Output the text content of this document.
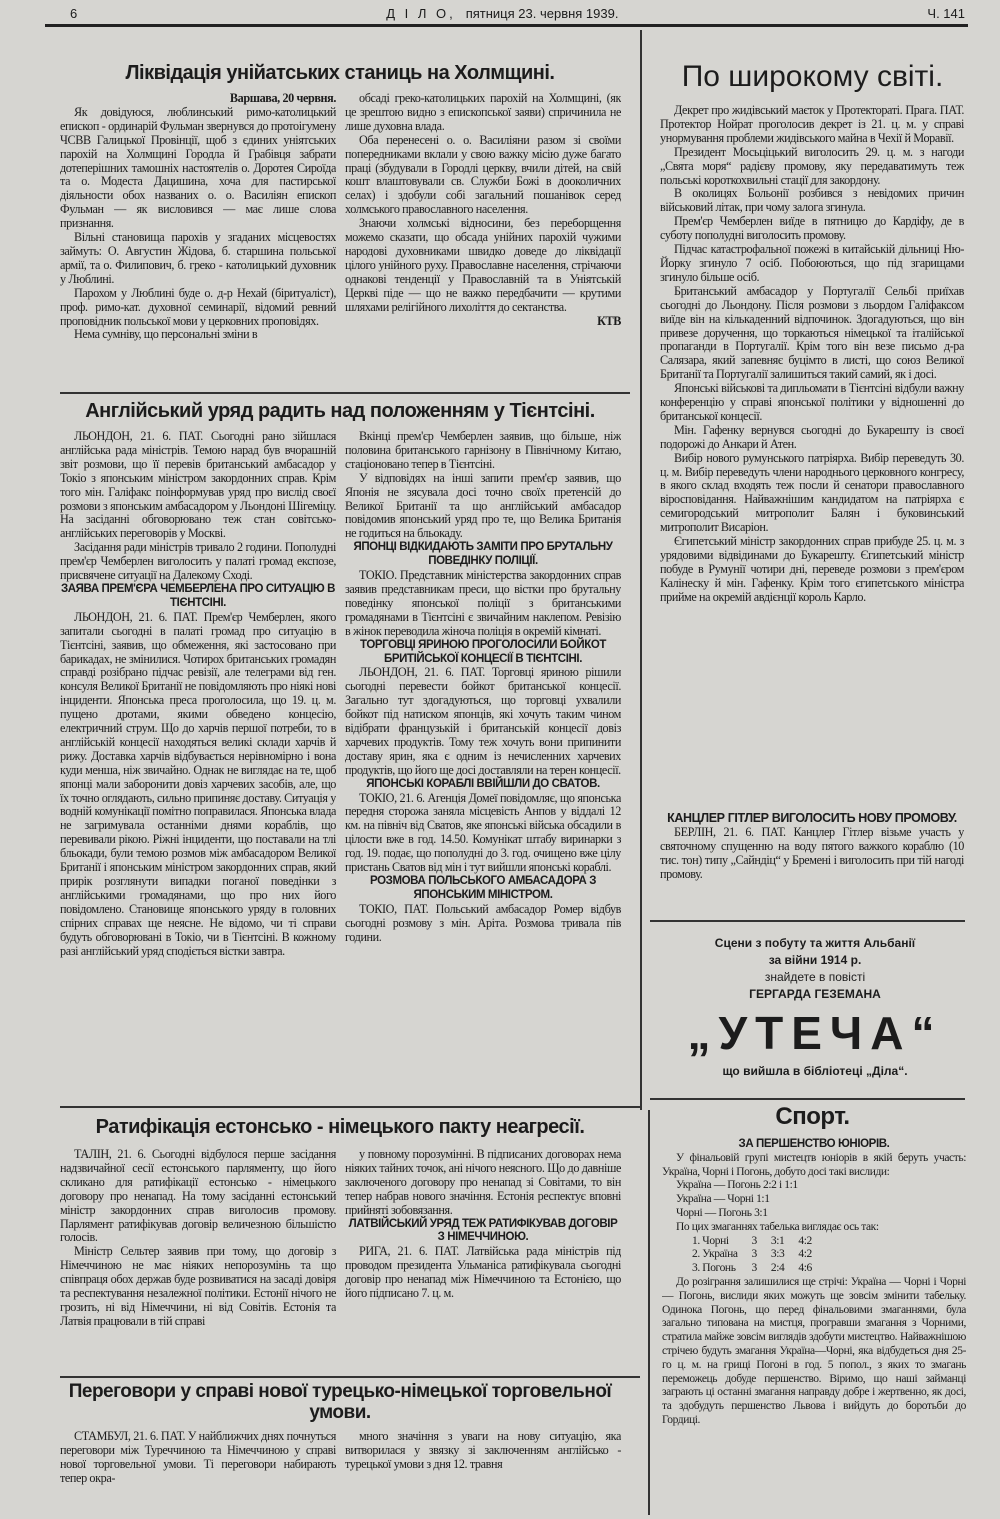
6	Д І Л О, пятниця 23. червня 1939.	Ч. 141
Ліквідація унійатських станиць на Холмщині.

Варшава, 20 червня.

Як довідуюся, люблинський римо-католицький епископ - ординарій Фульман звернувся до протоігумену ЧСВВ Галицької Провінції, щоб з єдиних уніятських парохій на Холмщині Городла й Грабівця забрати дотеперішних тамошніх настоятелів о. Доротея Сироїда та о. Модеста Дацишина, хоча для пастирської діяльности обох названих о. о. Василіян епископ Фульман — як висловився — має лише слова признання.

Вільні становища парохів у згаданих місцевостях займуть: О. Августин Жідова, б. старшина польської армії, та о. Филипович, б. греко - католицький духовник у Люблині.

Парохом у Люблині буде о. д-р Нехай (біритуаліст), проф. римо-кат. духовної семинарії, відомий ревний проповідник польської мови у церковних проповідях.

Нема сумніву, що персональні зміни в

обсаді греко-католицьких парохій на Холмщині, (як це зрештою видно з епископської заяви) спричинила не лише духовна влада.

Оба перенесені о. о. Василіяни разом зі своїми попередниками вклали у свою важку місію дуже багато праці (збудували в Городлі церкву, вчили дітей, на свій кошт влаштовували св. Служби Божі в дооколичних селах) і здобули собі загальний пошанівок серед холмського православного населення.

Знаючи холмські відносини, без переборщення можемо сказати, що обсада унійних парохій чужими народові духовниками швидко доведе до ліквідації цілого унійного руху. Православне населення, стрічаючи однакові тенденції у Православній та в Уніятській Церкві піде — що не важко передбачити — крутими шляхами релігійного лихоліття до сектанства.

КТВ

Англійський уряд радить над положенням у Тієнтсіні.

ЛЬОНДОН, 21. 6. ПАТ. Сьогодні рано зійшлася англійська рада міністрів. Темою нарад був вчорашній звіт розмови, що її перевів британський амбасадор у Токіо з японським міністром закордонних справ. Крім того мін. Галіфакс поінформував уряд про вислід своєї розмови з японським амбасадором у Льондоні Шігеміцу. На засіданні обговорювано теж стан совітсько-англійських переговорів у Москві.

Засідання ради міністрів тривало 2 години. Пополудні прем'єр Чемберлен виголосить у палаті громад експозе, присвячене ситуації на Далекому Сході.

ЗАЯВА ПРЕМ'ЄРА ЧЕМБЕРЛЕНА ПРО СИТУАЦІЮ В ТІЄНТСІНІ.

ЛЬОНДОН, 21. 6. ПАТ. Прем'єр Чемберлен, якого запитали сьогодні в палаті громад про ситуацію в Тієнтсіні, заявив, що обмеження, які застосовано при барикадах, не змінилися. Чотирох британських громадян справді розібрано підчас ревізії, але телеграми від ген. консуля Великої Британії не повідомляють про ніякі нові інциденти. Японська преса проголосила, що 19. ц. м. пущено дротами, якими обведено концесію, електричний струм. Що до харчів першої потреби, то в англійській концесії находяться великі склади харчів й рижу. Доставка харчів відбувається нерівномірно і вона куди менша, ніж звичайно. Однак не виглядає на те, щоб японці мали заборонити довіз харчевих засобів, але, що їх точно оглядають, сильно припиняє доставу. Ситуація у водній комунікації помітно поправилася. Японська влада не загримувала останніми днями кораблів, що перевивали рікою. Ріжні інциденти, що поставали на тлі бльокади, були темою розмов між амбасадором Великої Британії і японським міністром закордонних справ, який прирік розглянути випадки поганої поведінки з англійськими громадянами, що про них його повідомлено. Становище японського уряду в головних спірних справах ще неясне. Не відомо, чи ті справи будуть обговорювані в Токіо, чи в Тієнтсіні. В кожному разі англійський уряд сподіється вістки завтра.

Вкінці прем'єр Чемберлен заявив, що більше, ніж половина британського гарнізону в Північному Китаю, стаціоновано тепер в Тієнтсіні.

У відповідях на інші запити прем'єр заявив, що Японія не зясувала досі точно своїх претенсій до Великої Британії та що англійський амбасадор повідомив японський уряд про те, що Велика Британія не годиться на бльокаду.

ЯПОНЦІ ВІДКИДАЮТЬ ЗАМІТИ ПРО БРУТАЛЬНУ ПОВЕДІНКУ ПОЛІЦІЇ.

ТОКІО. Представник міністерства закордонних справ заявив представникам преси, що вістки про брутальну поведінку японської поліції з британськими громадянами в Тієнтсіні є звичайним наклепом. Ревізію в жінок переводила жіноча поліція в окремій кімнаті.

ТОРГОВЦІ ЯРИНОЮ ПРОГОЛОСИЛИ БОЙКОТ БРИТІЙСЬКОЇ КОНЦЕСІЇ В ТІЄНТСІНІ.

ЛЬОНДОН, 21. 6. ПАТ. Торговці яриною рішили сьогодні перевести бойкот британської концесії. Загально тут здогадуються, що торговці ухвалили бойкот під натиском японців, які хочуть таким чином відібрати французькій і британській концесії довіз харчевих продуктів. Тому теж хочуть вони припинити доставу ярин, яка є одним із нечисленних харчевих продуктів, що його ще досі доставляли на терен концесії.

ЯПОНСЬКІ КОРАБЛІ ВВІЙШЛИ ДО СВАТОВ.

ТОКІО, 21. 6. Агенція Домеї повідомляє, що японська передня сторожа заняла місцевість Анпов у віддалі 12 км. на північ від Сватов, яке японські війська обсадили в цілости вже в год. 14.50. Комунікат штабу виринарки з год. 19. подає, що пополудні до 3. год. очищено вже цілу пристань Сватов від мін і тут вийшли японські кораблі.

РОЗМОВА ПОЛЬСЬКОГО АМБАСАДОРА З ЯПОНСЬКИМ МІНІСТРОМ.

ТОКІО, ПАТ. Польський амбасадор Ромер відбув сьогодні розмову з мін. Аріта. Розмова тривала пів години.

Ратифікація естонсько - німецького пакту неагресії.

ТАЛІН, 21. 6. Сьогодні відбулося перше засідання надзвичайної сесії естонського парляменту, що його скликано для ратифікації естонсько - німецького договору про ненапад. На тому засіданні естонський міністр закордонних справ виголосив промову. Парлямент ратифікував договір величезною більшістю голосів.

Міністр Сельтер заявив при тому, що договір з Німеччиною не має ніяких непорозумінь та що співпраця обох держав буде розвиватися на засаді довіря та респектування незалежної політики. Естонії нічого не грозить, ні від Німеччини, ні від Совітів. Естонія та Латвія працювали в тій справі

у повному порозумінні. В підписаних договорах нема ніяких тайних точок, ані нічого неясного. Що до давніше заключеного договору про ненапад зі Совітами, то він тепер набрав нового значіння. Естонія респектує вповні прийняті зобовязання.

ЛАТВІЙСЬКИЙ УРЯД ТЕЖ РАТИФІКУВАВ ДОГОВІР З НІМЕЧЧИНОЮ.

РИГА, 21. 6. ПАТ. Латвійська рада міністрів під проводом президента Ульманіса ратифікувала сьогодні договір про ненапад між Німеччиною та Естонією, що його підписано 7. ц. м.

Переговори у справі нової турецько-німецької торговельної умови.

СТАМБУЛ, 21. 6. ПАТ. У найближчих днях почнуться переговори між Туреччиною та Німеччиною у справі нової торговельної умови. Ті переговори набирають тепер окра-

много значіння з уваги на нову ситуацію, яка витворилася у звязку зі заключенням англійсько - турецької умови з дня 12. травня

По широкому світі.

Декрет про жидівський маєток у Протектораті. Прага. ПАТ. Протектор Нойрат проголосив декрет із 21. ц. м. у справі унормування проблеми жидівського майна в Чехії й Моравії.

Президент Мосьціцький виголосить 29. ц. м. з нагоди „Свята моря“ радієву промову, яку передаватимуть теж польські короткохвильні стації для закордону.

В околицях Больонії розбився з невідомих причин військовий літак, при чому залога згинула.

Прем'єр Чемберлен виїде в пятницю до Кардіфу, де в суботу пополудні виголосить промову.

Підчас катастрофальної пожежі в китайській дільниці Ню-Йорку згинуло 7 осіб. Побоюються, що під згарищами згинуло більше осіб.

Британський амбасадор у Португалії Сельбі приїхав сьогодні до Льондону. Після розмови з льордом Галіфаксом виїде він на кількаденний відпочинок. Здогадуються, що він привезе доручення, що торкаються німецької та італійської пропаганди в Португалії. Крім того він везе письмо д-ра Салязара, який запевняє буцімто в листі, що союз Великої Британії та Португалії залишиться такий самий, як і досі.

Японські військові та дипльомати в Тієнтсіні відбули важну конференцію у справі японської політики у відношенні до британської концесії.

Мін. Гафенку вернувся сьогодні до Букарешту із своєї подорожі до Анкари й Атен.

Вибір нового румунського патріярха. Вибір переведуть 30. ц. м. Вибір переведуть члени народнього церковного конгресу, в якого склад входять теж посли й сенатори православного віросповідання. Найважнішим кандидатом на патріярха є семигородський митрополит Балян і буковинський митрополит Висаріон.

Єгипетський міністр закордонних справ прибуде 25. ц. м. з урядовими відвідинами до Букарешту. Єгипетський міністр побуде в Румунії чотири дні, переведе розмови з прем'єром Калінеску й мін. Гафенку. Крім того єгипетського міністра прийме на окремій авдієнції король Карло.

КАНЦЛЕР ГІТЛЕР ВИГОЛОСИТЬ НОВУ ПРОМОВУ.

БЕРЛІН, 21. 6. ПАТ. Канцлер Гітлер візьме участь у святочному спущенню на воду пятого важкого кораблю (10 тис. тон) типу „Сайндіц“ у Бремені і виголосить при тій нагоді промову.

Сцени з побуту та життя Альбанії
за війни 1914 р.
знайдете в повісті
ГЕРГАРДА ГЕЗЕМАНА
„УТЕЧА“
що вийшла в бібліотеці „Діла“.
Спорт.

ЗА ПЕРШЕНСТВО ЮНІОРІВ.

У фінальовій групі мистецтв юніорів в якій беруть участь: Україна, Чорні і Погонь, добуто досі такі вислиди:

Україна — Погонь 2:2 і 1:1

Україна — Чорні 1:1

Чорні — Погонь 3:1

По цих змаганнях табелька виглядає ось так:

1. Чорні	3	3:1	4:2
2. Україна	3	3:3	4:2
3. Погонь	3	2:4	4:6

До розіграння залишилися ще стрічі: Україна — Чорні і Чорні — Погонь, вислиди яких можуть ще зовсім змінити табельку. Одинока Погонь, що перед фінальовими змаганнями, була загально типована на мистця, програвши змагання з Чорними, стратила майже зовсім виглядів здобути мистецтво. Найважнішою стрічею будуть змагання Україна—Чорні, яка відбудеться дня 25-го ц. м. на грищі Погоні в год. 5 попол., з яких то змагань переможець добуде першенство. Віримо, що наші займанці заграють ці останні змагання направду добре і жертвенно, як досі, та здобудуть першенство Львова і вийдуть до боротьби до Гордиці.
